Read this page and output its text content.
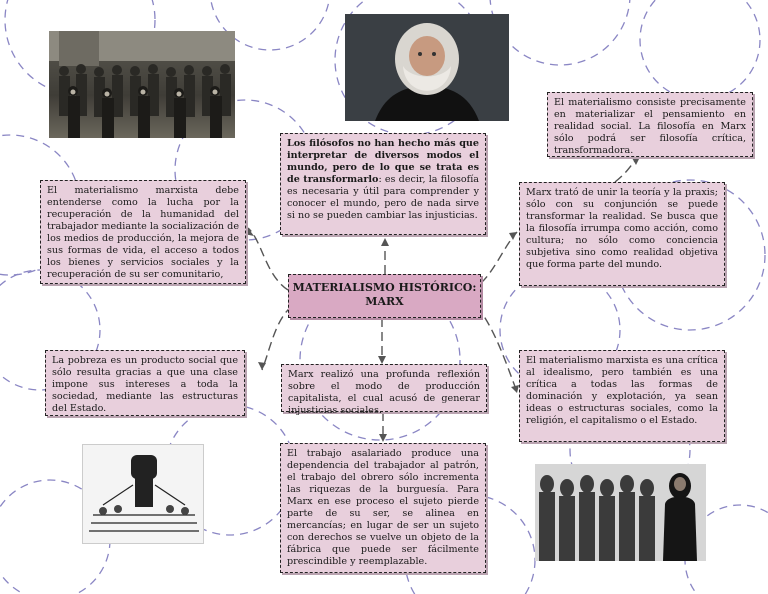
Los filósofos no han hecho más que interpretar de diversos modos el mundo, pero de lo que se trata es de transformarlo: es decir, la filosofía es necesaria y útil para comprender y conocer el mundo, pero de nada sirve si no se pueden cambiar las injusticias.

El materialismo marxista debe entenderse como la lucha por la recuperación de la humanidad del trabajador mediante la socialización de los medios de producción, la mejora de sus formas de vida, el acceso a todos los bienes y servicios sociales y la recuperación de su ser comunitario,

El materialismo consiste precisamente en materializar el pensamiento en realidad social. La filosofía en Marx sólo podrá ser filosofía crítica, transformadora.

Marx trató de unir la teoría y la praxis; sólo con su conjunción se puede transformar la realidad. Se busca que la filosofía irrumpa como acción, como cultura; no sólo como conciencia subjetiva sino como realidad objetiva que forma parte del mundo.

MATERIALISMO HISTÓRICO: MARX

La pobreza es un producto social que sólo resulta gracias a que una clase impone sus intereses a toda la sociedad, mediante las estructuras del Estado.

Marx realizó una profunda reflexión sobre el modo de producción capitalista, el cual acusó de generar injusticias sociales.

El materialismo marxista es una crítica al idealismo, pero también es una crítica a todas las formas de dominación y explotación, ya sean ideas o estructuras sociales, como la religión, el capitalismo o el Estado.

El trabajo asalariado produce una dependencia del trabajador al patrón, el trabajo del obrero sólo incrementa las riquezas de la burguesía. Para Marx en ese proceso el sujeto pierde parte de su ser, se alinea en mercancías; en lugar de ser un sujeto con derechos se vuelve un objeto de la fábrica que puede ser fácilmente prescindible y reemplazable.
